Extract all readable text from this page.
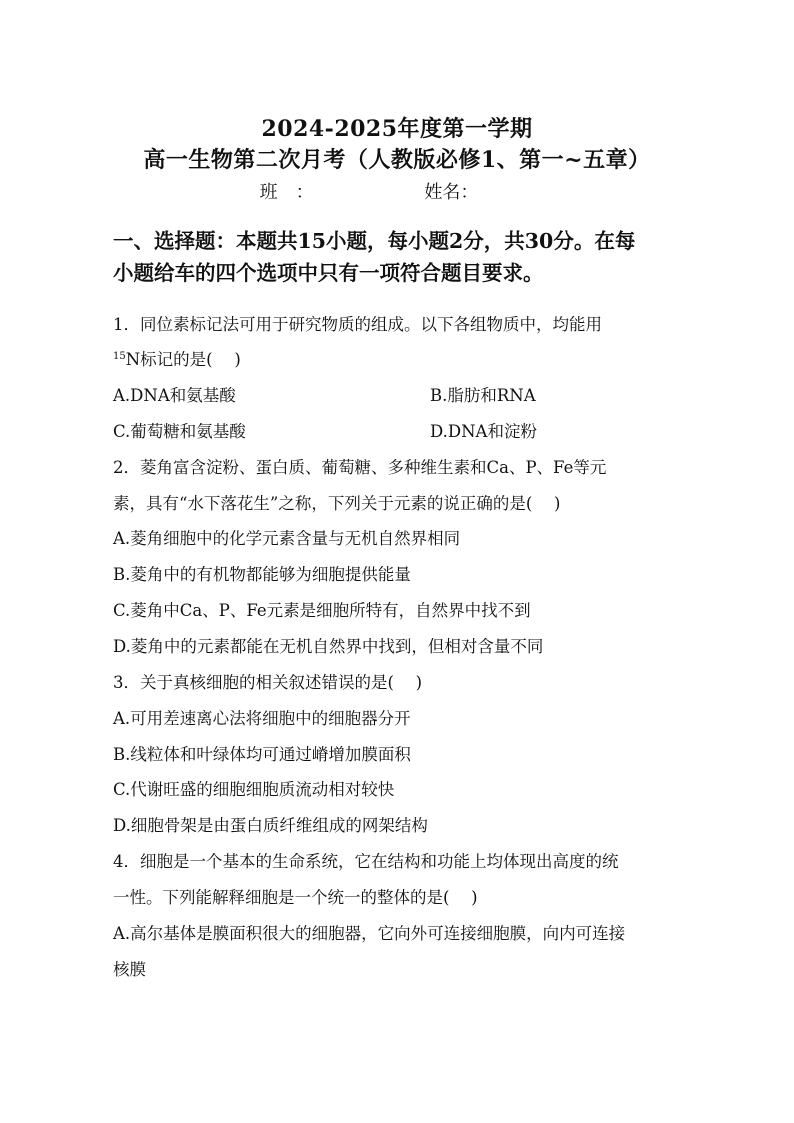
2024-2025年度第一学期
高一生物第二次月考（人教版必修1、第一~五章）
班　：	姓名：
一、选择题：本题共15小题，每小题2分，共30分。在每
小题给车的四个选项中只有一项符合题目要求。
1．同位素标记法可用于研究物质的组成。以下各组物质中，均能用
$^{15}$N标记的是(　 )
A.DNA和氨基酸	B.脂肪和RNA
C.葡萄糖和氨基酸	D.DNA和淀粉
2．菱角富含淀粉、蛋白质、葡萄糖、多种维生素和Ca、P、Fe等元
素，具有“水下落花生”之称，下列关于元素的说正确的是(　 )
A.菱角细胞中的化学元素含量与无机自然界相同
B.菱角中的有机物都能够为细胞提供能量
C.菱角中Ca、P、Fe元素是细胞所特有，自然界中找不到
D.菱角中的元素都能在无机自然界中找到，但相对含量不同
3．关于真核细胞的相关叙述错误的是(　 )
A.可用差速离心法将细胞中的细胞器分开
B.线粒体和叶绿体均可通过嵴增加膜面积
C.代谢旺盛的细胞细胞质流动相对较快
D.细胞骨架是由蛋白质纤维组成的网架结构
4．细胞是一个基本的生命系统，它在结构和功能上均体现出高度的统
一性。下列能解释细胞是一个统一的整体的是(　 )
A.高尔基体是膜面积很大的细胞器，它向外可连接细胞膜，向内可连接
核膜
